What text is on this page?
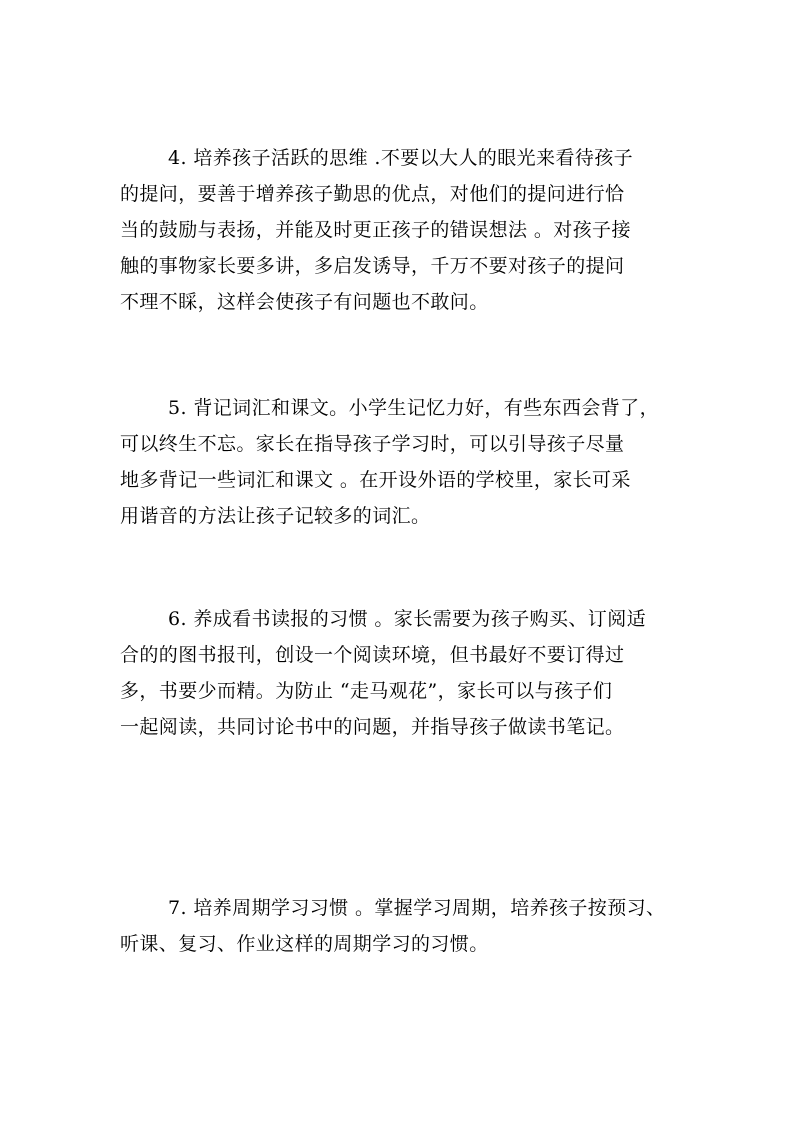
4. 培养孩子活跃的思维 .不要以大人的眼光来看待孩子
的提问，要善于增养孩子勤思的优点，对他们的提问进行恰
当的鼓励与表扬，并能及时更正孩子的错误想法 。对孩子接
触的事物家长要多讲，多启发诱导，千万不要对孩子的提问
不理不睬，这样会使孩子有问题也不敢问。
5. 背记词汇和课文。小学生记忆力好，有些东西会背了，
可以终生不忘。家长在指导孩子学习时，可以引导孩子尽量
地多背记一些词汇和课文 。在开设外语的学校里，家长可采
用谐音的方法让孩子记较多的词汇。
6. 养成看书读报的习惯 。家长需要为孩子购买、订阅适
合的的图书报刊，创设一个阅读环境，但书最好不要订得过
多，书要少而精。为防止 “走马观花”，家长可以与孩子们
一起阅读，共同讨论书中的问题，并指导孩子做读书笔记。
7. 培养周期学习习惯 。掌握学习周期，培养孩子按预习、
听课、复习、作业这样的周期学习的习惯。
